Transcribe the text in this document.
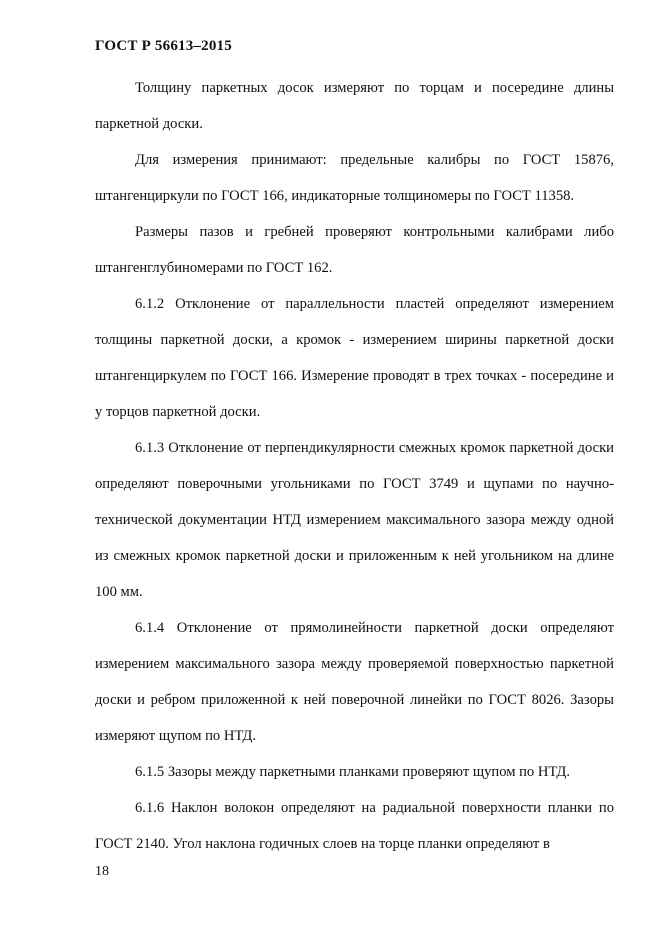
ГОСТ Р 56613–2015

Толщину паркетных досок измеряют по торцам и посередине длины паркетной доски.

Для измерения принимают: предельные калибры по ГОСТ 15876, штангенциркули по ГОСТ 166, индикаторные толщиномеры по ГОСТ 11358.

Размеры пазов и гребней проверяют контрольными калибрами либо штангенглубиномерами по ГОСТ 162.

6.1.2 Отклонение от параллельности пластей определяют измерением толщины паркетной доски, а кромок - измерением ширины паркетной доски штангенциркулем по ГОСТ 166. Измерение проводят в трех точках - посередине и у торцов паркетной доски.

6.1.3 Отклонение от перпендикулярности смежных кромок паркетной доски определяют поверочными угольниками по ГОСТ 3749 и щупами по научно-технической документации НТД измерением максимального зазора между одной из смежных кромок паркетной доски и приложенным к ней угольником на длине 100 мм.

6.1.4 Отклонение от прямолинейности паркетной доски определяют измерением максимального зазора между проверяемой поверхностью паркетной доски и ребром приложенной к ней поверочной линейки по ГОСТ 8026. Зазоры измеряют щупом по НТД.

6.1.5 Зазоры между паркетными планками проверяют щупом по НТД.

6.1.6 Наклон волокон определяют на радиальной поверхности планки по ГОСТ 2140. Угол наклона годичных слоев на торце планки определяют в

18
